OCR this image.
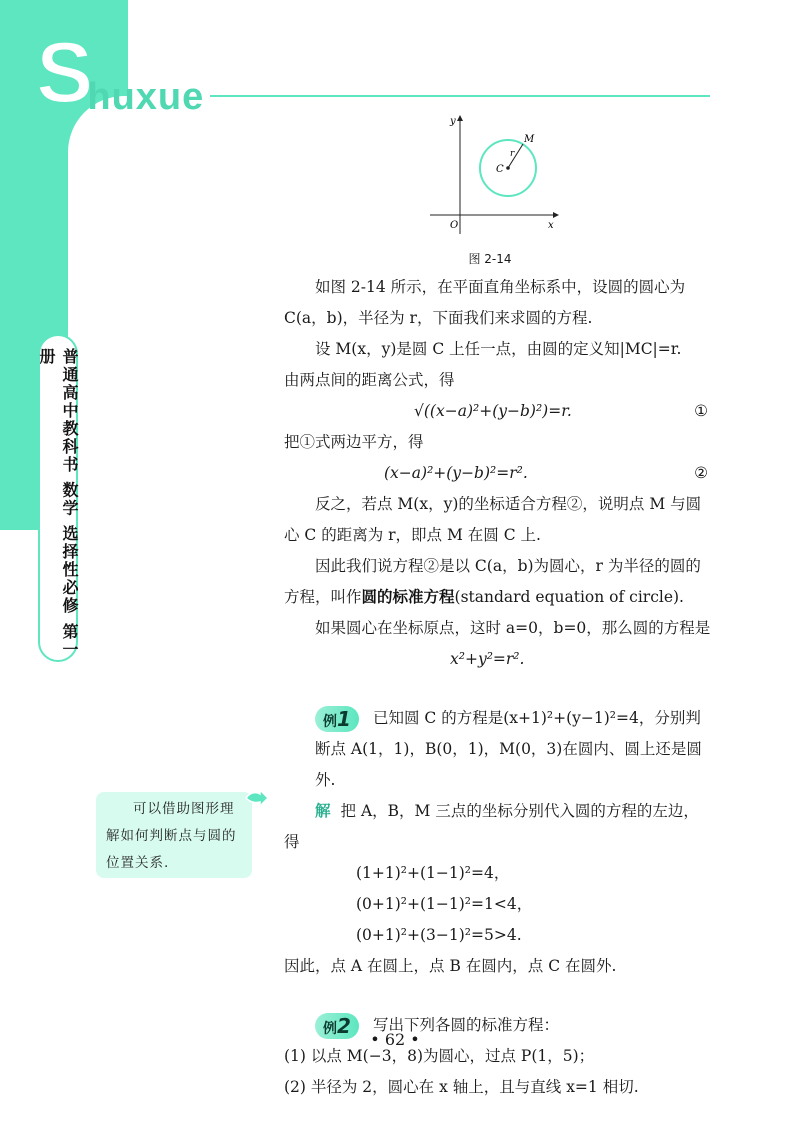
Shuxue
普通高中教科书 数学 选择性必修 第一册
y
x
O
C
r
M
图 2-14

如图 2-14 所示，在平面直角坐标系中，设圆的圆心为 C(a，b)，半径为 r，下面我们来求圆的方程.

设 M(x，y)是圆 C 上任一点，由圆的定义知|MC|=r.

由两点间的距离公式，得

√((x−a)²+(y−b)²)=r.	①

把①式两边平方，得

(x−a)²+(y−b)²=r².	②

反之，若点 M(x，y)的坐标适合方程②，说明点 M 与圆心 C 的距离为 r，即点 M 在圆 C 上.

因此我们说方程②是以 C(a，b)为圆心，r 为半径的圆的方程，叫作圆的标准方程(standard equation of circle).

如果圆心在坐标原点，这时 a=0，b=0，那么圆的方程是

x²+y²=r².

例1 已知圆 C 的方程是(x+1)²+(y−1)²=4，分别判断点 A(1，1)，B(0，1)，M(0，3)在圆内、圆上还是圆外.

解 把 A，B，M 三点的坐标分别代入圆的方程的左边，得

(1+1)²+(1−1)²=4，
(0+1)²+(1−1)²=1<4，
(0+1)²+(3−1)²=5>4.

因此，点 A 在圆上，点 B 在圆内，点 C 在圆外.

例2 写出下列各圆的标准方程：

(1) 以点 M(−3，8)为圆心，过点 P(1，5)；

(2) 半径为 2，圆心在 x 轴上，且与直线 x=1 相切.

可以借助图形理解如何判断点与圆的位置关系.
• 62 •
